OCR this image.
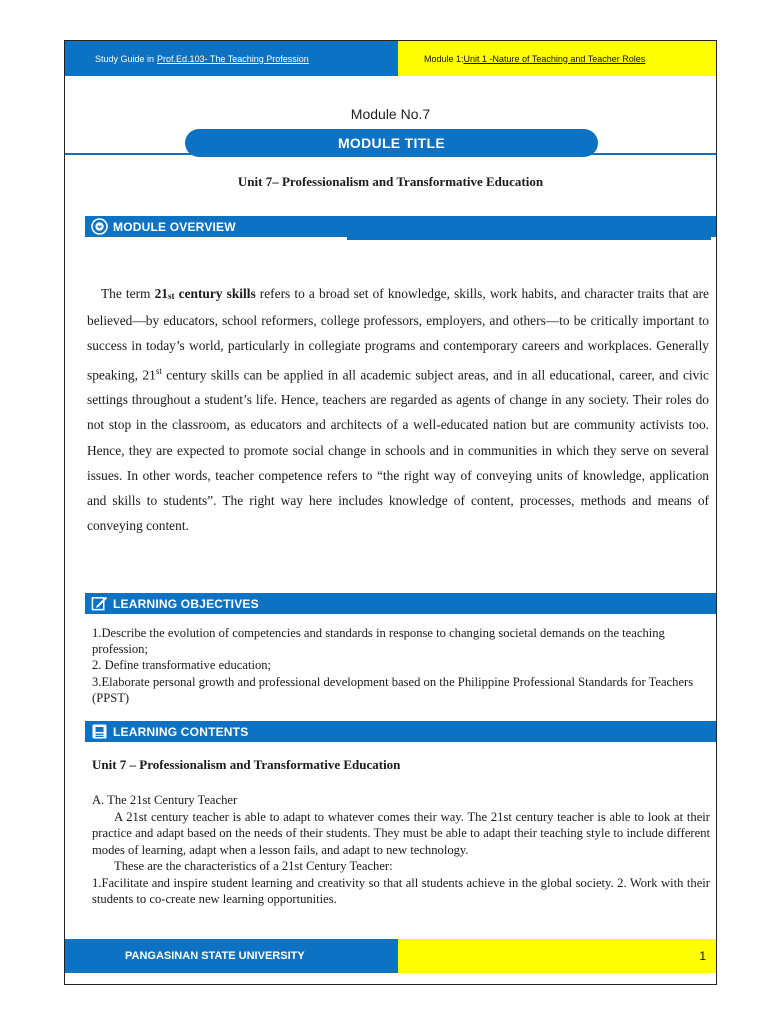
Study Guide in Prof.Ed.103- The Teaching Profession	Module 1: Unit 1 -Nature of Teaching and Teacher Roles
Module No.7
MODULE TITLE
Unit 7– Professionalism and Transformative Education
MODULE OVERVIEW
The term 21st century skills refers to a broad set of knowledge, skills, work habits, and character traits that are believed—by educators, school reformers, college professors, employers, and others—to be critically important to success in today’s world, particularly in collegiate programs and contemporary careers and workplaces. Generally speaking, 21st century skills can be applied in all academic subject areas, and in all educational, career, and civic settings throughout a student’s life. Hence, teachers are regarded as agents of change in any society. Their roles do not stop in the classroom, as educators and architects of a well-educated nation but are community activists too. Hence, they are expected to promote social change in schools and in communities in which they serve on several issues. In other words, teacher competence refers to “the right way of conveying units of knowledge, application and skills to students”. The right way here includes knowledge of content, processes, methods and means of conveying content.
LEARNING OBJECTIVES
1.Describe the evolution of competencies and standards in response to changing societal demands on the teaching profession;
2. Define transformative education;
3.Elaborate personal growth and professional development based on the Philippine Professional Standards for Teachers (PPST)
LEARNING CONTENTS
Unit 7 – Professionalism and Transformative Education

A. The 21st Century Teacher

A 21st century teacher is able to adapt to whatever comes their way. The 21st century teacher is able to look at their practice and adapt based on the needs of their students. They must be able to adapt their teaching style to include different modes of learning, adapt when a lesson fails, and adapt to new technology.

These are the characteristics of a 21st Century Teacher:

1.Facilitate and inspire student learning and creativity so that all students achieve in the global society. 2. Work with their students to co-create new learning opportunities.

PANGASINAN STATE UNIVERSITY	1
